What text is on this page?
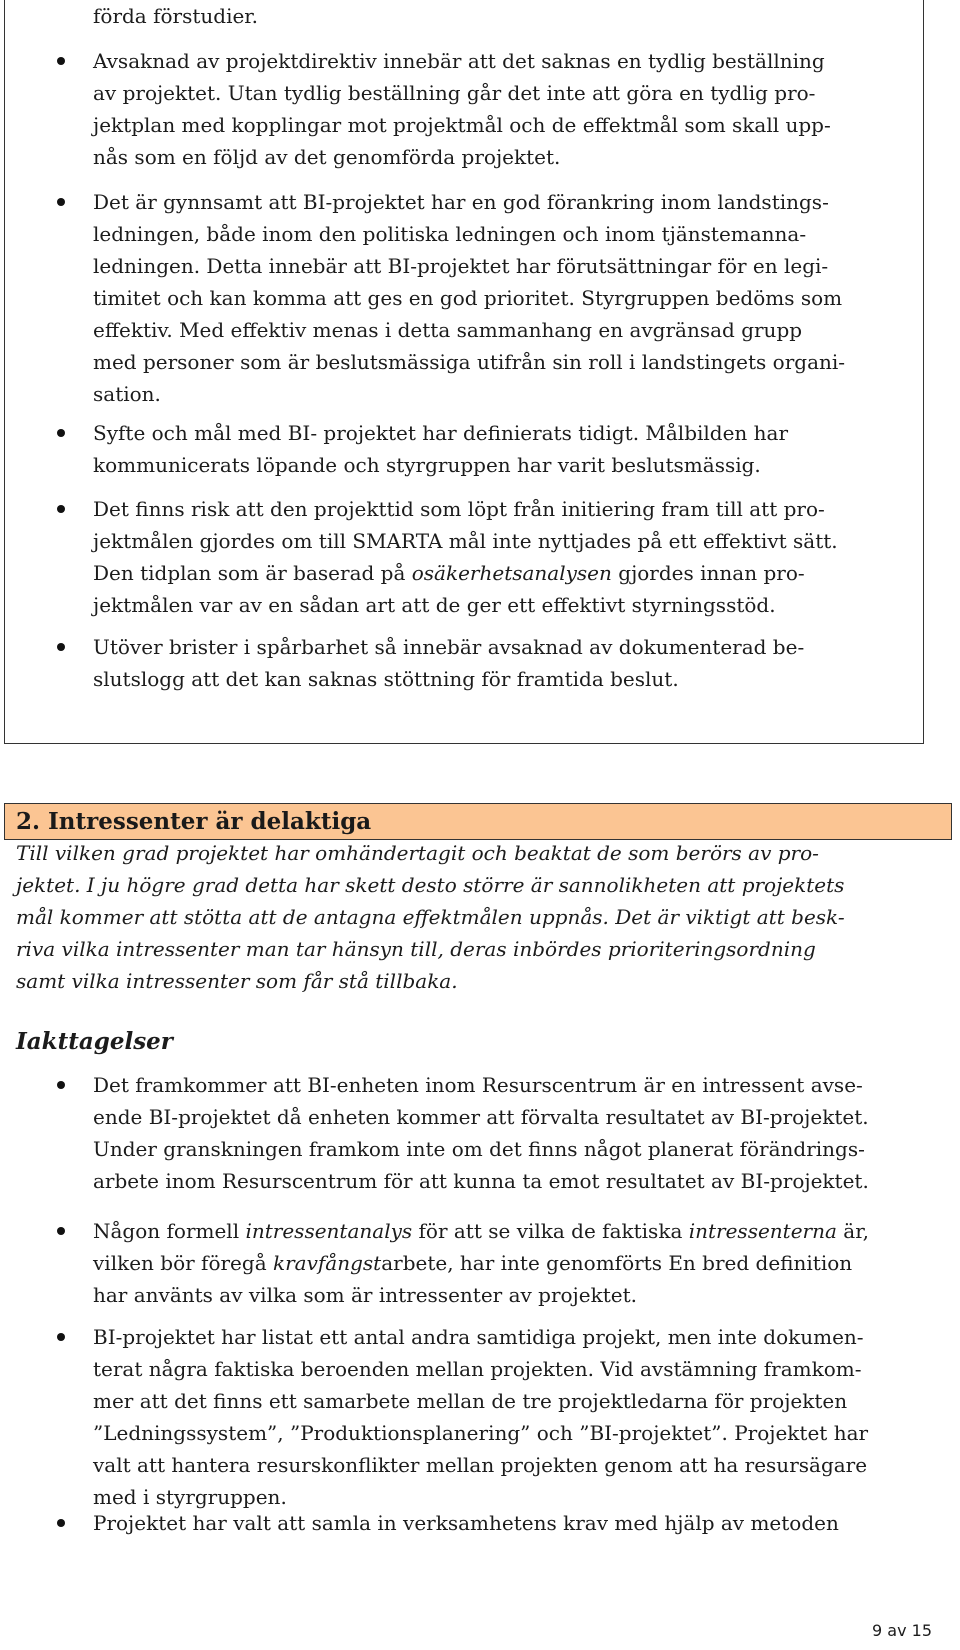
förda förstudier.

Avsaknad av projektdirektiv innebär att det saknas en tydlig beställning

av projektet. Utan tydlig beställning går det inte att göra en tydlig pro-

jektplan med kopplingar mot projektmål och de effektmål som skall upp-

nås som en följd av det genomförda projektet.

Det är gynnsamt att BI-projektet har en god förankring inom landstings-

ledningen, både inom den politiska ledningen och inom tjänstemanna-

ledningen. Detta innebär att BI-projektet har förutsättningar för en legi-

timitet och kan komma att ges en god prioritet. Styrgruppen bedöms som

effektiv. Med effektiv menas i detta sammanhang en avgränsad grupp

med personer som är beslutsmässiga utifrån sin roll i landstingets organi-

sation.

Syfte och mål med BI- projektet har definierats tidigt. Målbilden har

kommunicerats löpande och styrgruppen har varit beslutsmässig.

Det finns risk att den projekttid som löpt från initiering fram till att pro-

jektmålen gjordes om till SMARTA mål inte nyttjades på ett effektivt sätt.

Den tidplan som är baserad på osäkerhetsanalysen gjordes innan pro-

jektmålen var av en sådan art att de ger ett effektivt styrningsstöd.

Utöver brister i spårbarhet så innebär avsaknad av dokumenterad be-

slutslogg att det kan saknas stöttning för framtida beslut.

2. Intressenter är delaktiga

Till vilken grad projektet har omhändertagit och beaktat de som berörs av pro-
jektet. I ju högre grad detta har skett desto större är sannolikheten att projektets
mål kommer att stötta att de antagna effektmålen uppnås. Det är viktigt att besk-
riva vilka intressenter man tar hänsyn till, deras inbördes prioriteringsordning
samt vilka intressenter som får stå tillbaka.

Iakttagelser

Det framkommer att BI-enheten inom Resurscentrum är en intressent avse-

ende BI-projektet då enheten kommer att förvalta resultatet av BI-projektet.

Under granskningen framkom inte om det finns något planerat förändrings-

arbete inom Resurscentrum för att kunna ta emot resultatet av BI-projektet.

Någon formell intressentanalys för att se vilka de faktiska intressenterna är,

vilken bör föregå kravfångstarbete, har inte genomförts En bred definition

har använts av vilka som är intressenter av projektet.

BI-projektet har listat ett antal andra samtidiga projekt, men inte dokumen-

terat några faktiska beroenden mellan projekten. Vid avstämning framkom-

mer att det finns ett samarbete mellan de tre projektledarna för projekten

”Ledningssystem”, ”Produktionsplanering” och ”BI-projektet”. Projektet har

valt att hantera resurskonflikter mellan projekten genom att ha resursägare

med i styrgruppen.

Projektet har valt att samla in verksamhetens krav med hjälp av metoden

9 av 15
